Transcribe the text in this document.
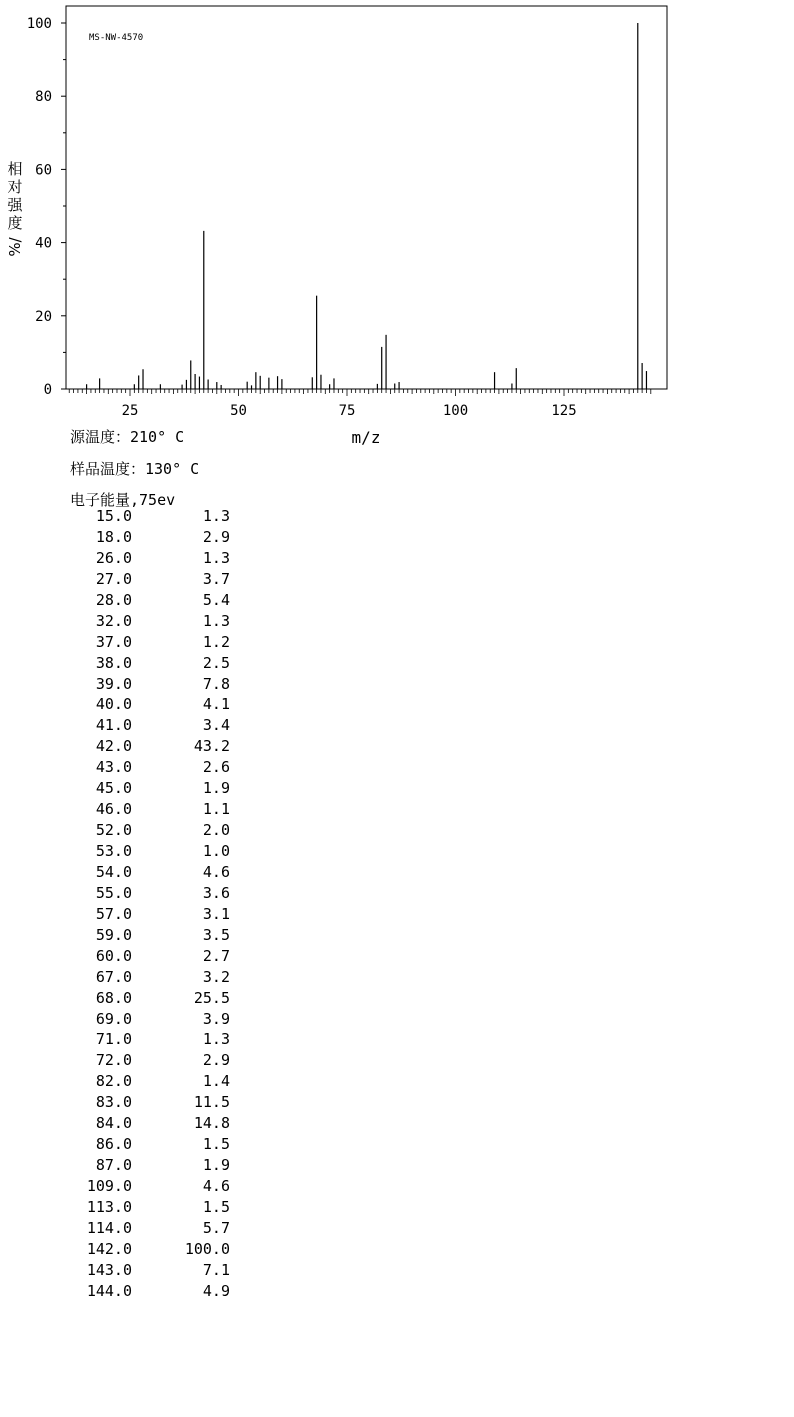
0
20
40
60
80
100
25	50	75	100	125
m/z
MS-NW-4570
相对强度
%/
源温度：210° C
样品温度：130° C
电子能量,75ev
15.0	1.3
18.0	2.9
26.0	1.3
27.0	3.7
28.0	5.4
32.0	1.3
37.0	1.2
38.0	2.5
39.0	7.8
40.0	4.1
41.0	3.4
42.0	43.2
43.0	2.6
45.0	1.9
46.0	1.1
52.0	2.0
53.0	1.0
54.0	4.6
55.0	3.6
57.0	3.1
59.0	3.5
60.0	2.7
67.0	3.2
68.0	25.5
69.0	3.9
71.0	1.3
72.0	2.9
82.0	1.4
83.0	11.5
84.0	14.8
86.0	1.5
87.0	1.9
109.0	4.6
113.0	1.5
114.0	5.7
142.0	100.0
143.0	7.1
144.0	4.9
